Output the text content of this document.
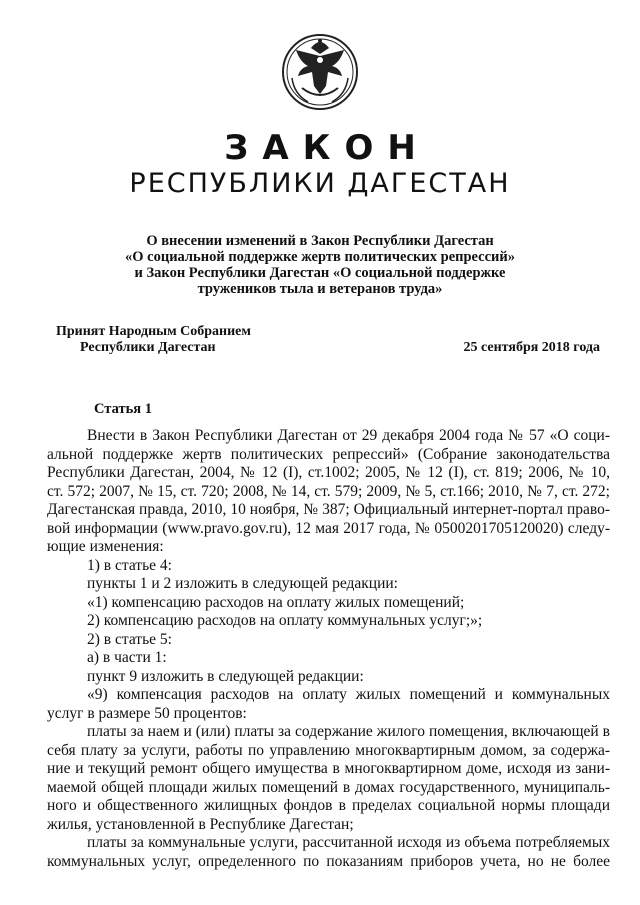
ЗАКОН
РЕСПУБЛИКИ ДАГЕСТАН
О внесении изменений в Закон Республики Дагестан
«О социальной поддержке жертв политических репрессий»
и Закон Республики Дагестан «О социальной поддержке
тружеников тыла и ветеранов труда»
Принят Народным Собранием
Республики Дагестан	25 сентября 2018 года
Статья 1
Внести в Закон Республики Дагестан от 29 декабря 2004 года № 57 «О соци-
альной поддержке жертв политических репрессий» (Собрание законодательства
Республики Дагестан, 2004, № 12 (I), ст.1002; 2005, № 12 (I), ст. 819; 2006, № 10,
ст. 572; 2007, № 15, ст. 720; 2008, № 14, ст. 579; 2009, № 5, ст.166; 2010, № 7, ст. 272;
Дагестанская правда, 2010, 10 ноября, № 387; Официальный интернет-портал право-
вой информации (www.pravo.gov.ru), 12 мая 2017 года, № 0500201705120020) следу-
ющие изменения:
1) в статье 4:
пункты 1 и 2 изложить в следующей редакции:
«1) компенсацию расходов на оплату жилых помещений;
2) компенсацию расходов на оплату коммунальных услуг;»;
2) в статье 5:
а) в части 1:
пункт 9 изложить в следующей редакции:
«9) компенсация расходов на оплату жилых помещений и коммунальных
услуг в размере 50 процентов:
платы за наем и (или) платы за содержание жилого помещения, включающей в
себя плату за услуги, работы по управлению многоквартирным домом, за содержа-
ние и текущий ремонт общего имущества в многоквартирном доме, исходя из зани-
маемой общей площади жилых помещений в домах государственного, муниципаль-
ного и общественного жилищных фондов в пределах социальной нормы площади
жилья, установленной в Республике Дагестан;
платы за коммунальные услуги, рассчитанной исходя из объема потребляемых
коммунальных услуг, определенного по показаниям приборов учета, но не более
